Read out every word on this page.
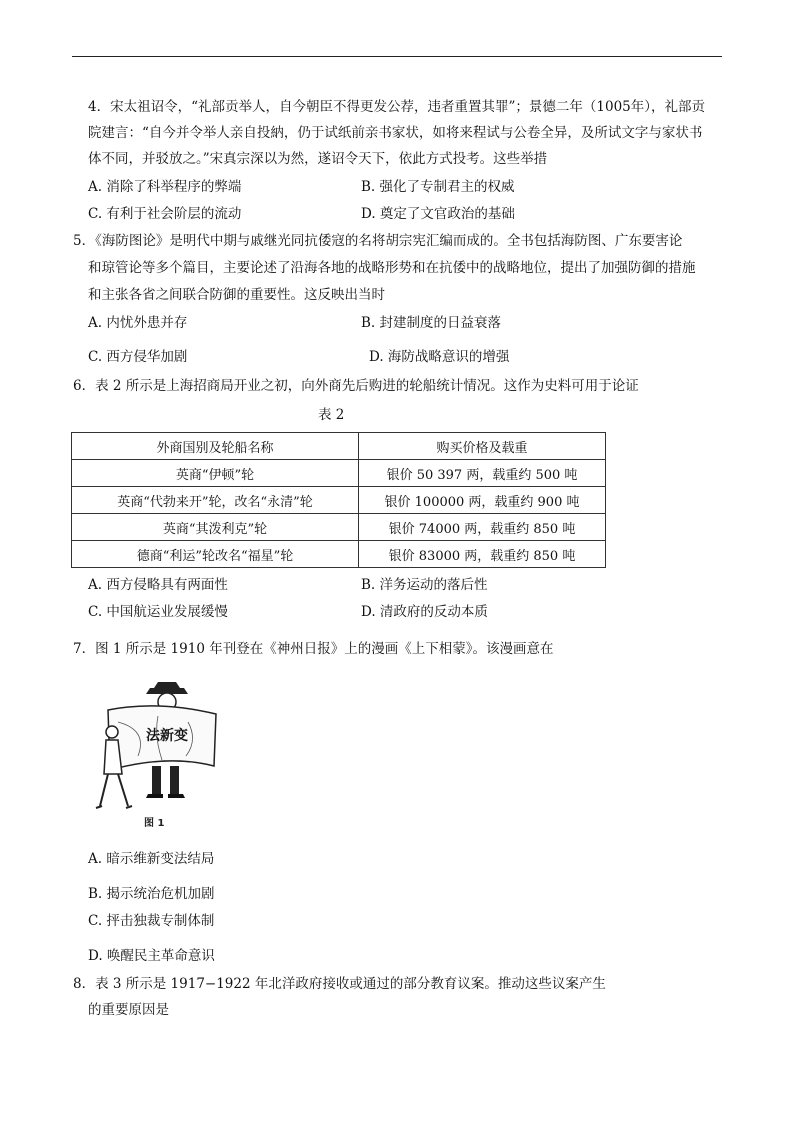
4．宋太祖诏令，“礼部贡举人，自今朝臣不得更发公荐，违者重置其罪”；景德二年（1005年），礼部贡
院建言：“自今并令举人亲自投納，仍于试纸前亲书家状，如将来程试与公卷全异，及所试文字与家状书
体不同，并驳放之。”宋真宗深以为然，遂诏令天下，依此方式投考。这些举措
A. 消除了科举程序的弊端	B. 强化了专制君主的权威
C. 有利于社会阶层的流动	D. 奠定了文官政治的基础
5．《海防图论》是明代中期与戚继光同抗倭寇的名将胡宗宪汇编而成的。全书包括海防图、广东要害论
和琼管论等多个篇目，主要论述了沿海各地的战略形势和在抗倭中的战略地位，提出了加强防御的措施
和主张各省之间联合防御的重要性。这反映出当时
A. 内忧外患并存	B. 封建制度的日益衰落
C. 西方侵华加剧	D. 海防战略意识的增强
6．表 2 所示是上海招商局开业之初，向外商先后购进的轮船统计情况。这作为史料可用于论证
表 2
外商国别及轮船名称	购买价格及载重
英商“伊顿”轮	银价 50 397 两，载重约 500 吨
英商“代勃来开”轮，改名“永清”轮	银价 100000 两，载重约 900 吨
英商“其泼利克”轮	银价 74000 两，载重约 850 吨
德商“利运”轮改名“福星”轮	银价 83000 两，载重约 850 吨
A. 西方侵略具有两面性	B. 洋务运动的落后性
C. 中国航运业发展缓慢	D. 清政府的反动本质
7．图 1 所示是 1910 年刊登在《神州日报》上的漫画《上下相蒙》。该漫画意在
法新变
图 1
A. 暗示维新变法结局
B. 揭示统治危机加剧
C. 抨击独裁专制体制
D. 唤醒民主革命意识
8．表 3 所示是 1917−1922 年北洋政府接收或通过的部分教育议案。推动这些议案产生
的重要原因是
